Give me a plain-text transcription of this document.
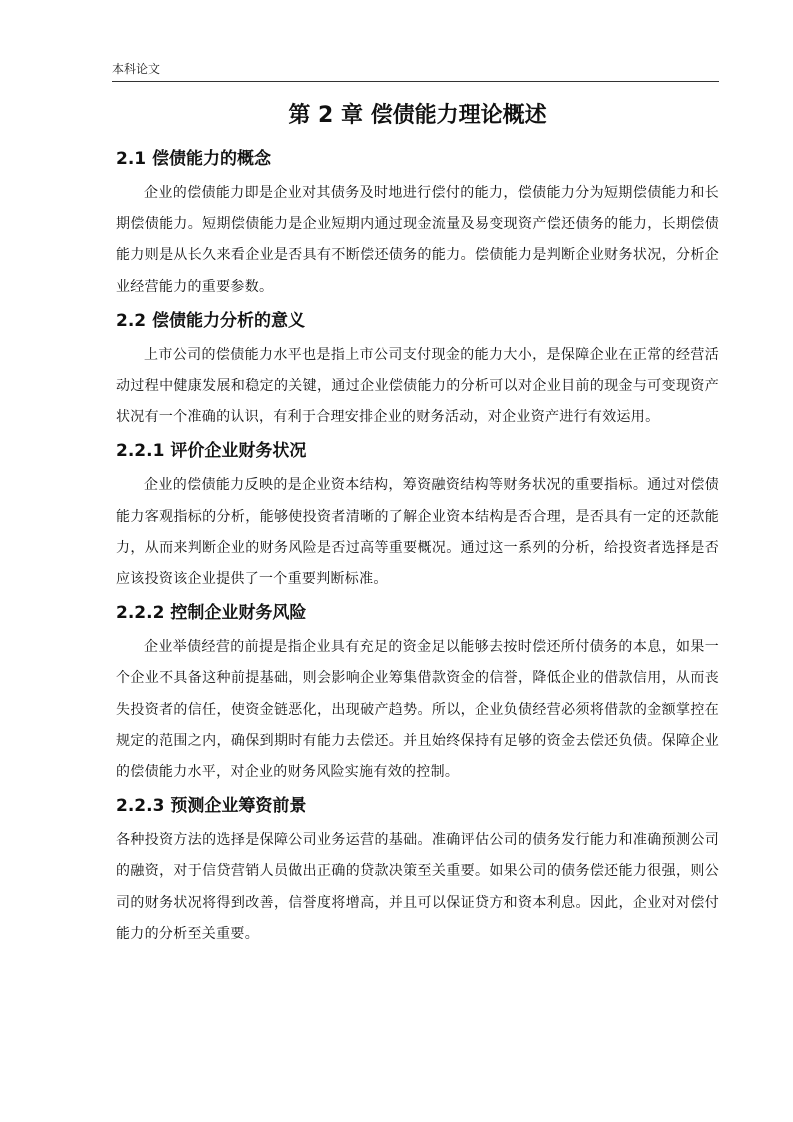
本科论文
第 2 章 偿债能力理论概述
2.1 偿债能力的概念

企业的偿债能力即是企业对其债务及时地进行偿付的能力，偿债能力分为短期偿债能力和长期偿债能力。短期偿债能力是企业短期内通过现金流量及易变现资产偿还债务的能力，长期偿债能力则是从长久来看企业是否具有不断偿还债务的能力。偿债能力是判断企业财务状况，分析企业经营能力的重要参数。

2.2 偿债能力分析的意义

上市公司的偿债能力水平也是指上市公司支付现金的能力大小，是保障企业在正常的经营活动过程中健康发展和稳定的关键，通过企业偿债能力的分析可以对企业目前的现金与可变现资产状况有一个准确的认识，有利于合理安排企业的财务活动，对企业资产进行有效运用。

2.2.1 评价企业财务状况

企业的偿债能力反映的是企业资本结构，筹资融资结构等财务状况的重要指标。通过对偿债能力客观指标的分析，能够使投资者清晰的了解企业资本结构是否合理，是否具有一定的还款能力，从而来判断企业的财务风险是否过高等重要概况。通过这一系列的分析，给投资者选择是否应该投资该企业提供了一个重要判断标准。

2.2.2 控制企业财务风险

企业举债经营的前提是指企业具有充足的资金足以能够去按时偿还所付债务的本息，如果一个企业不具备这种前提基础，则会影响企业筹集借款资金的信誉，降低企业的借款信用，从而丧失投资者的信任，使资金链恶化，出现破产趋势。所以，企业负债经营必须将借款的金额掌控在规定的范围之内，确保到期时有能力去偿还。并且始终保持有足够的资金去偿还负债。保障企业的偿债能力水平，对企业的财务风险实施有效的控制。

2.2.3 预测企业筹资前景

各种投资方法的选择是保障公司业务运营的基础。准确评估公司的债务发行能力和准确预测公司的融资，对于信贷营销人员做出正确的贷款决策至关重要。如果公司的债务偿还能力很强，则公司的财务状况将得到改善，信誉度将增高，并且可以保证贷方和资本利息。因此，企业对对偿付能力的分析至关重要。
